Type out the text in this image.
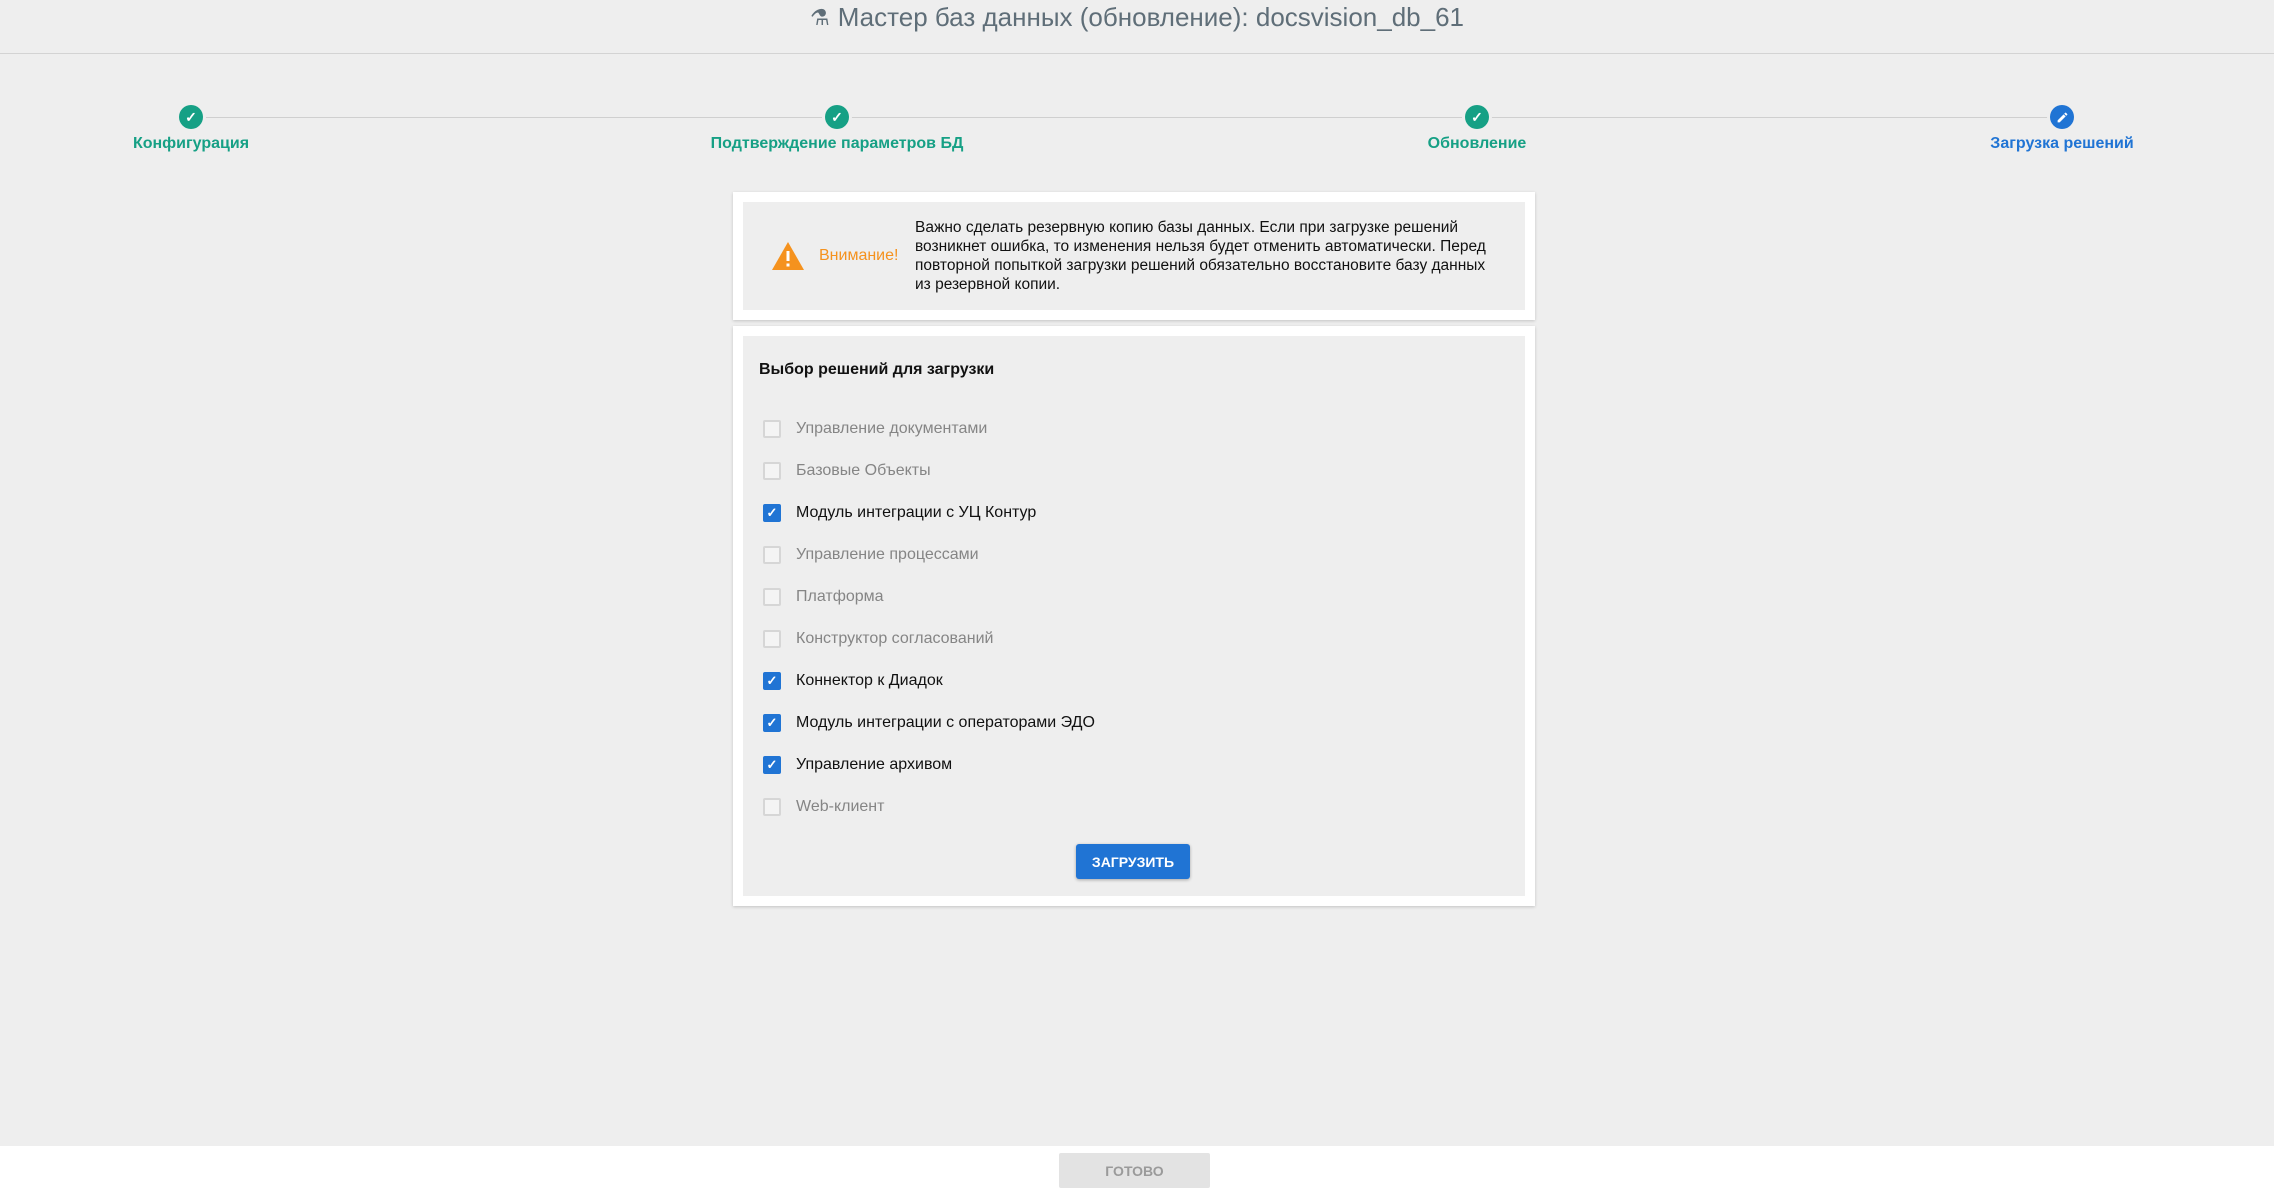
⚗ Мастер баз данных (обновление): docsvision_db_61
✓
Конфигурация
✓
Подтверждение параметров БД
✓
Обновление	Загрузка решений
Внимание!
Важно сделать резервную копию базы данных. Если при загрузке решений возникнет ошибка, то изменения нельзя будет отменить автоматически. Перед повторной попыткой загрузки решений обязательно восстановите базу данных из резервной копии.
Выбор решений для загрузки
Управление документами
Базовые Объекты
✓ Модуль интеграции с УЦ Контур
Управление процессами
Платформа
Конструктор согласований
✓ Коннектор к Диадок
✓ Модуль интеграции с операторами ЭДО
✓ Управление архивом
Web-клиент
ЗАГРУЗИТЬ
ГОТОВО
